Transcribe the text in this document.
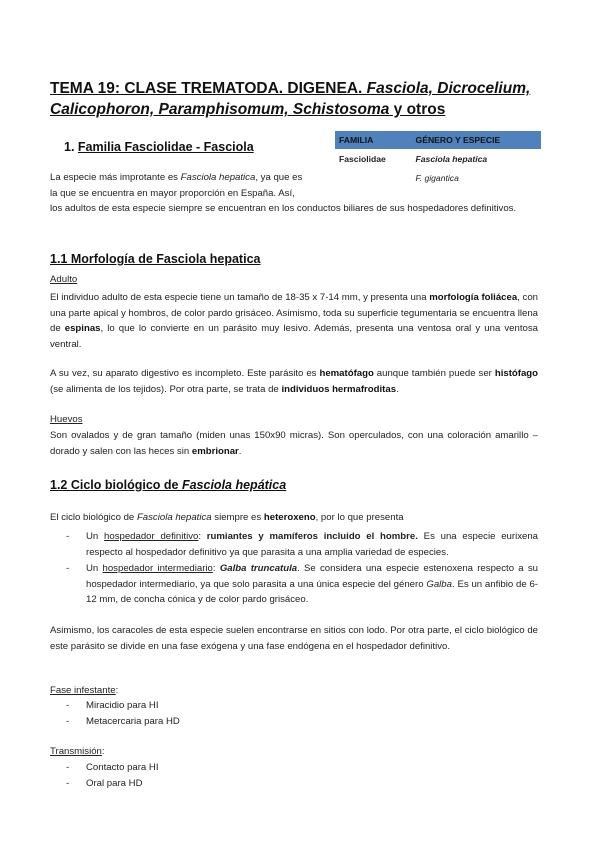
TEMA 19: CLASE TREMATODA. DIGENEA. Fasciola, Dicrocelium,
Calicophoron, Paramphisomum, Schistosoma y otros
1. Familia Fasciolidae - Fasciola	FAMILIA	GÉNERO Y ESPECIE
Fasciolidae	Fasciola hepatica
	F. gigantica
La especie más improtante es Fasciola hepatica, ya que es
la que se encuentra en mayor proporción en España. Así,
los adultos de esta especie siempre se encuentran en los conductos biliares de sus hospedadores definitivos.
1.1 Morfología de Fasciola hepatica
Adulto
El individuo adulto de esta especie tiene un tamaño de 18-35 x 7-14 mm, y presenta una morfología foliácea, con una parte apical y hombros, de color pardo grisáceo. Asimismo, toda su superficie tegumentaria se encuentra llena de espinas, lo que lo convierte en un parásito muy lesivo. Además, presenta una ventosa oral y una ventosa ventral.
A su vez, su aparato digestivo es incompleto. Este parásito es hematófago aunque también puede ser histófago (se alimenta de los tejidos). Por otra parte, se trata de individuos hermafroditas.
Huevos
Son ovalados y de gran tamaño (miden unas 150x90 micras). Son operculados, con una coloración amarillo – dorado y salen con las heces sin embrionar.
1.2 Ciclo biológico de Fasciola hepática
El ciclo biológico de Fasciola hepatica siempre es heteroxeno, por lo que presenta
- Un hospedador definitivo: rumiantes y mamíferos incluido el hombre. Es una especie eurixena respecto al hospedador definitivo ya que parasita a una amplia variedad de especies.
- Un hospedador intermediario: Galba truncatula. Se considera una especie estenoxena respecto a su hospedador intermediario, ya que solo parasita a una única especie del género Galba. Es un anfibio de 6-12 mm, de concha cónica y de color pardo grisáceo.
Asimismo, los caracoles de esta especie suelen encontrarse en sitios con lodo. Por otra parte, el ciclo biológico de este parásito se divide en una fase exógena y una fase endógena en el hospedador definitivo.
Fase infestante:
- Miracidio para HI
- Metacercaria para HD
Transmisión:
- Contacto para HI
- Oral para HD
